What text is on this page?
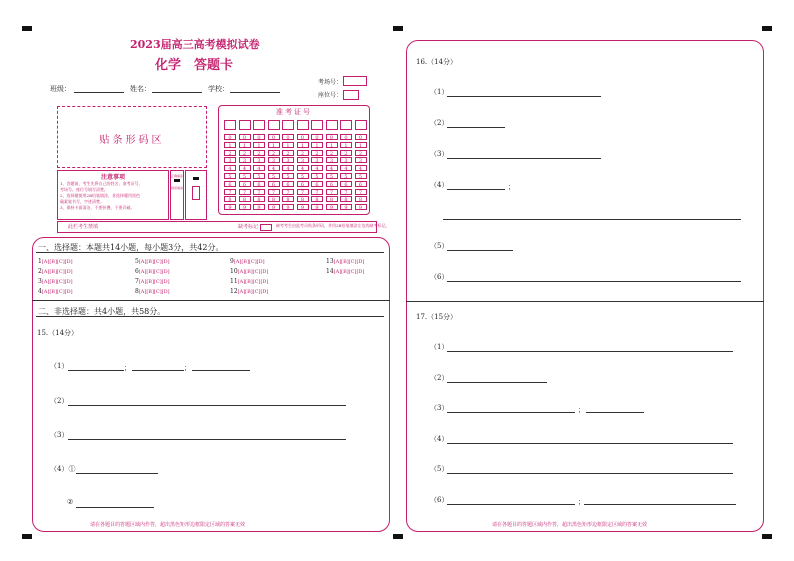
2023届高三高考模拟试卷
化学　答题卡
班级：	姓名：	学校：
考场号：
座位号：
贴条形码区
注意事项
1、答题前，考生先将自己的姓名、准考证号、
考场号、座位号填写清楚。
2、选择题使用2B铅笔填涂，非选择题用黑色
碳素笔书写，字迹清楚。
3、保持卡面清洁，不要折叠，不要弄破。
正确填涂
错误填涂
准考证号
0
1
2
3
4
5
6
7
8
9
0
1
2
3
4
5
6
7
8
9
0
1
2
3
4
5
6
7
8
9
0
1
2
3
4
5
6
7
8
9
0
1
2
3
4
5
6
7
8
9
0
1
2
3
4
5
6
7
8
9
0
1
2
3
4
5
6
7
8
9
0
1
2
3
4
5
6
7
8
9
0
1
2
3
4
5
6
7
8
9
0
1
2
3
4
5
6
7
8
9
此栏考生禁填	缺考标记	缺考考生由监考员贴条形码，并用2B铅笔填涂左边的缺考标记。
一、选择题：本题共14小题，每小题3分，共42分。
1[A][B][C][D]
2[A][B][C][D]
3[A][B][C][D]
4[A][B][C][D]
5[A][B][C][D]
6[A][B][C][D]
7[A][B][C][D]
8[A][B][C][D]
9[A][B][C][D]
10[A][B][C][D]
11[A][B][C][D]
12[A][B][C][D]
13[A][B][C][D]
14[A][B][C][D]
二、非选择题：共4小题，共58分。
15.（14分）
（1）	；	；
（2）
（3）
（4）①
②
请在各题目的答题区域内作答，超出黑色矩形边框限定区域的答案无效
16.（14分）
（1）
（2）
（3）
（4）	；
（5）
（6）
17.（15分）
（1）
（2）
（3）	；
（4）
（5）
（6）	；
请在各题目的答题区域内作答，超出黑色矩形边框限定区域的答案无效
